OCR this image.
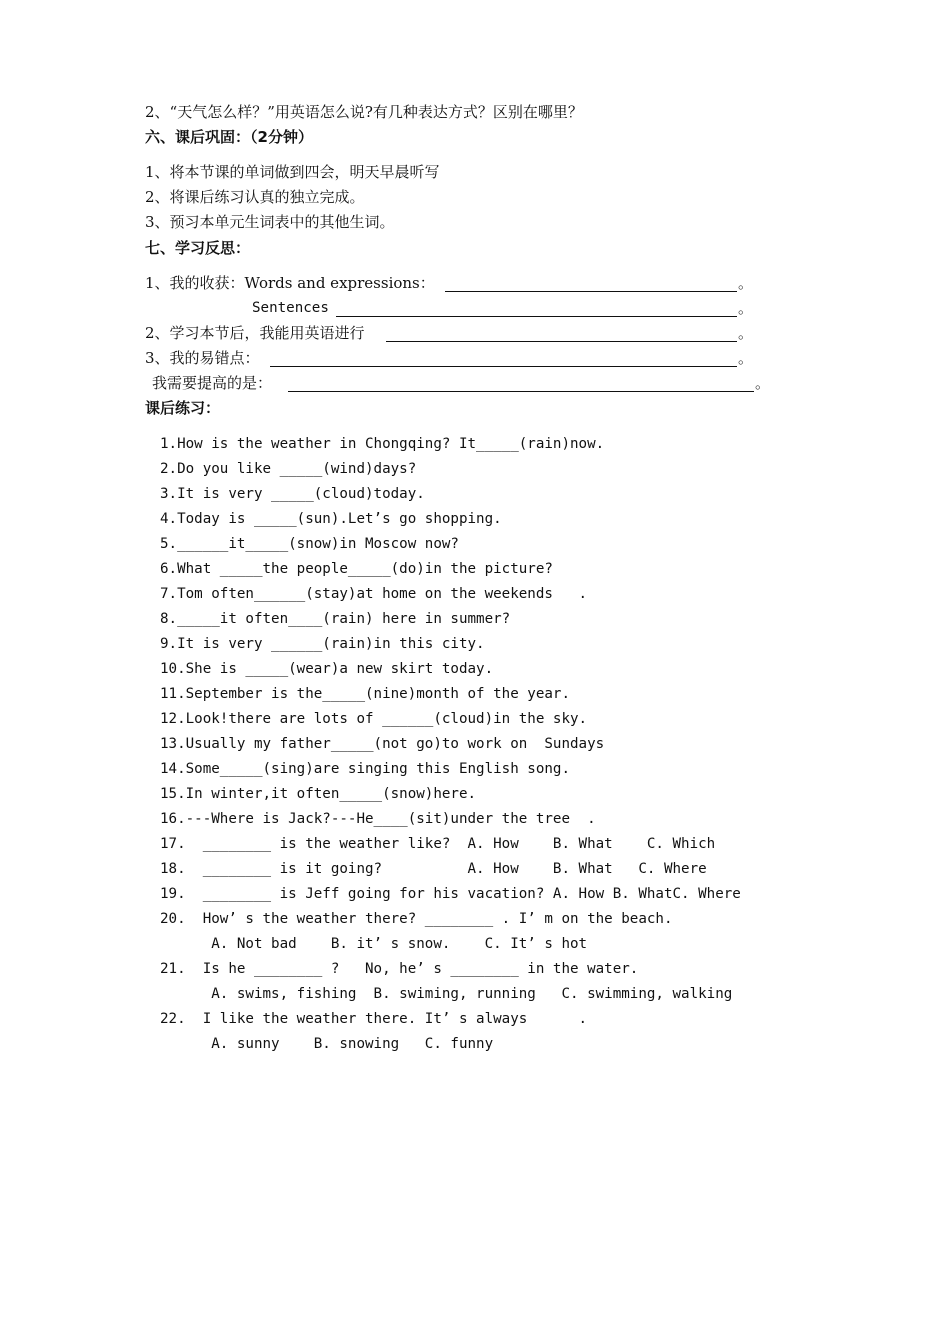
2、“天气怎么样？”用英语怎么说?有几种表达方式？区别在哪里？
六、课后巩固：（2分钟）
1、将本节课的单词做到四会，明天早晨听写
2、将课后练习认真的独立完成。
3、预习本单元生词表中的其他生词。
七、学习反思：
1、我的收获：Words and expressions：	。
Sentences	。
2、学习本节后，我能用英语进行	。
3、我的易错点：	。
我需要提高的是：	。
课后练习：
1.How is the weather in Chongqing? It_____(rain)now.
2.Do you like _____(wind)days?
3.It is very _____(cloud)today.
4.Today is _____(sun).Let’s go shopping.
5.______it_____(snow)in Moscow now?
6.What _____the people_____(do)in the picture?
7.Tom often______(stay)at home on the weekends   .
8._____it often____(rain) here in summer?
9.It is very ______(rain)in this city.
10.She is _____(wear)a new skirt today.
11.September is the_____(nine)month of the year.
12.Look!there are lots of ______(cloud)in the sky.
13.Usually my father_____(not go)to work on  Sundays
14.Some_____(sing)are singing this English song.
15.In winter,it often_____(snow)here.
16.---Where is Jack?---He____(sit)under the tree  .
17.  ________ is the weather like?  A. How    B. What    C. Which
18.  ________ is it going?          A. How    B. What   C. Where
19.  ________ is Jeff going for his vacation? A. How B. WhatC. Where
20.  How’ s the weather there? ________ . I’ m on the beach.
A. Not bad    B. it’ s snow.    C. It’ s hot
21.  Is he ________ ?   No, he’ s ________ in the water.
A. swims, fishing  B. swiming, running   C. swimming, walking
22.  I like the weather there. It’ s always      .
A. sunny    B. snowing   C. funny
